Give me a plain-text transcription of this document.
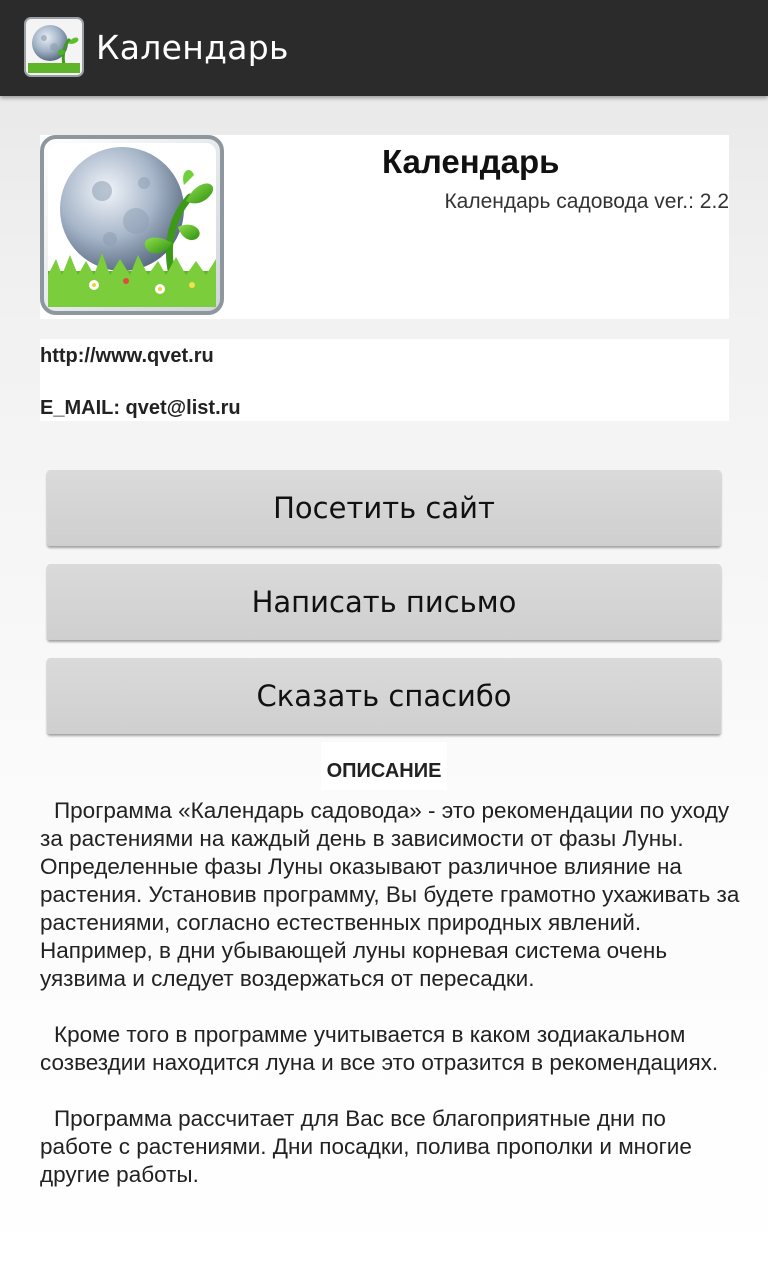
Календарь
Календарь
Календарь садовода ver.: 2.2
http://www.qvet.ru
E_MAIL: qvet@list.ru
Посетить сайт
Написать письмо
Сказать спасибо
ОПИСАНИЕ

Программа «Календарь садовода» - это рекомендации по уходу за растениями на каждый день в зависимости от фазы Луны. Определенные фазы Луны оказывают различное влияние на растения. Установив программу, Вы будете грамотно ухаживать за растениями, согласно естественных природных явлений. Например, в дни убывающей луны корневая система очень уязвима и следует воздержаться от пересадки.

Кроме того в программе учитывается в каком зодиакальном созвездии находится луна и все это отразится в рекомендациях.

Программа рассчитает для Вас все благоприятные дни по работе с растениями. Дни посадки, полива прополки и многие другие работы.
